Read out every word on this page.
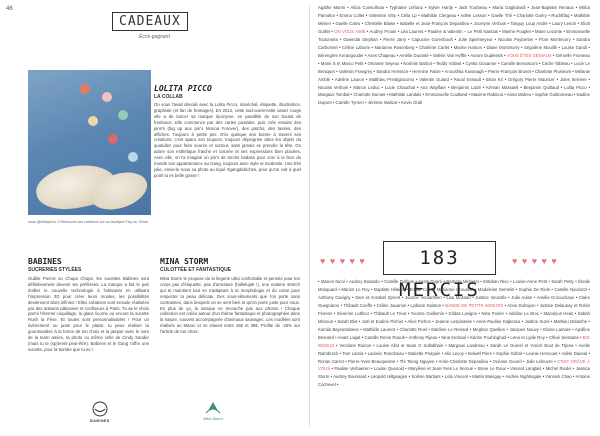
46
CADEAUX
Écris-gagnant
Insta @lolitapicco // Retrouvez ses créations sur sa boutique Etsy ou Tictail
LOLITA PICCO
LA COLLAB
On vous l'avait dévoilé avec la Lolita Picco, maréchal, étiquette, illustratrice, graphiste (et fan de fromages). En 2012, cette sud-ouest-nette assez rouge elle a de lancer sa marque éponyme, en parallèle de son boulot de freelance. Elle commence par des cartes postales, puis crée ensuite des pins's (big up aux pin's Monoa Forever), des patchs, des tasses, des affiches. Toujours à petits prix. D'ici quelque ans bonne à travers ses créations, c'est aparu son toujours, toujours dépeignée dans les objets du quotidien pour faire sourire et surtout, sans jamais se prendre la tête. On adore son esthétique fraiche et colorée et ses expressions bien placées. Avec elle, on l'a imaginé un pin's de torche badass pour crier à la face du monde son appartenance au Gang, toujours avec style et modestie. Une très jolie, envie-le nous sa photo au tiqué #gangdebiches, pour qu'on voit à quel point tu es belle gosse !
BABINES
SUCRERIES STYLÉES
Oublie Pierrot ou Chupa Chups, les sucettes Babines sont définitivement devenir tes préférées. La marque a fait le pari d'allier le nouvelle technologie à l'artisanat en utilisant l'impression 3D pour créer leurs moules, les possibilités deviennent alors infinies ! Elles créations sont ensuite réalisées par des artisans pâtissiers et confiseurs à Paris. Tu as le choix parmi l'éternel coquillage, la glace licorne ou encore la sucette Rush la Fève. Et toutes sont personnalisables ! Pour un évènement ou juste pour le plaisir, tu peux réaliser ta gourmandise à la forme de ton choix et la jamper avec le nom de la team amies, ta photo ou même celle de Cindy Sander (mais tu te (sp)erent peut-être). Babines et le Gang t'offre une sucette, pour la bombe que tu es !
MINA STORM
CULOTTÉE ET FANTASTIQUE
Mina Storm te propose de la lingerie ultra confortable et pensée pour ton corps pas d'étiquette, pas d'armature (hallelujah !), une matière stretch qui te maintient tout en s'adaptant à ta morphologie et du coton pour respecter ta peau délicate. Des sous-vêtements que l'on porte sans contraintes, dans lesquels on se sent bien et qu'on porte juste pour nous. En plus de ça, la marque ne recouche pas aux photos ! Chaque collection est créée autour d'un thème fantastique et photographiée dans la nature, souvent accompagnée d'animaux sauvages. Les modèles sont réalisés au Maroc et se situent entre 16€ et 39€. Profite de -25% sur l'article de ton choix.
BABINES	Mina Storm
Agathe Manni • Alicia Consulhuta • Typhaine Lefranc • Sylvie Hardy • Jack Tourbeau • Maria Gagliolardi • Jean-Baptiste Renaux • Milica Pamukur • Emma Collet • Valentine Vitry • Célia Lp • Mathilde Clergeau • Adèle Losson • Gaelle Trié • Charlotte Guéry • Ruchltfaq • Mathilde Ménier • Gaelle Calvo • Christelle Blaise • Isabelle et Jean-François Depardieu • Jocelyne Verbois • Tanguy Loup Andre • Laury Lenoir • Eliott Guillet • ON VOUS AIME • Audrey Frouin • Léa Laurent • Pauline & Valentin – Le Petit Nantais • Marine Pouplet • Marie Leconte • Emmanuelle Toutonnéa • Gwendal Stephan • Pierre Jarry • Capucine Gorenbouh • Julie Spielmeyeur • Nicolas Puybertier • Flore Montmorry • Sandra Carbonnel • Céline Laborie • Marianne Rosenberg • Charlène Carlet • Marine Hamon • Diane Montmorry • Ségolène Mouillé • Louise Gandi • Bérengère Kerangouder • Axes Chapeau • Amélie Duranté • Valérie Van Hyffte • Aurore Duplessis • VOUS ÊTES GÉNIAUX • Gérnelle Fromeau • Marie S et Marco Petit • Omanne Seyeux • Noémie Barbot • Teddy Vollant • Cyntia Gouarner • Camille Bernasconi • Cécile Tableau • Lucie Le Beniquet • Valentin Fraegrey • Sandra Herisson • Hermine Fabre • Anoushka Kavanagh • Pierre-François Brunet • Charlotte Plusieurs • Mélanie Amblé • Adeline Lauron • Matthieu Prestigiacomo • Valentin Guiard • Raoul Esnault • Brian Kri • Grégory Pierre Mauricer • Jules Serriere • Nicolas Verbois • Manon Leduc • Lucie Chauchat • Ana Wayflaer • Benjamin Laizé • Kèman Massaeli • Benjamin Quiltaud • Lolita Picco • Margaux Tombal • Charlotte Dumas • Mathilde Landais • Emmanuelle Coutland • Maxime Rabinou • Anna Maheu • Sophie Guittonneau • Nadine Dupont • Camille Tyrnen • Jérémie Malicot • Kevin Grall
♥ ♥ ♥ ♥ ♥	183 MERCIS
♥ ♥ ♥ ♥ ♥
• Manon Nicol • Audrey Busardo • Camille Dolbois • Anaïs Dupré • Barbara Michelet • Esteban Rivo • Louise-Anne Petit • Sarah Petty • Élodie Mosquard • Marion Le Roy • Baptiste Hilaient • Emilie Colin • Marianne Grouazel • Madeleine Semelin • Sophie De Riols • Camille Nicolazzi • Anthony Cavigny • Sam et Annabel Sprent • Joanne Vonlanthen • Lisa Mossan • Justine Veuzelle • Julie Aulan • Amélie Dorouchaux • Claire Guegnaron • Thibault Coeffe • Céline Jauanon • Lydiane Sainton • BANDE DE PETITS AMOURS • Anne Duhayon • Justine Delaunay et Robin Florens • Séverine Lotfinor • Thibault Le Treut • Yvonne Guillemin • Gildas Lavigne • Nina Poirier • Adeline Le Broc • Manolyus Heas • Sabah Mimoun • Sarah Blot • Joël et Eudine Pichon • Alice Pichon • Jeanne Lespinasse • Anne-Pauline Kajbesca • Justine Surel • Mathieu Delarche • Kamila Bayramabeva • Mathilde Laurent • Charlotte Ruel • Marlène Le Renard • Meghan Quellien • Jacques Nouvy • Eloise Lamare • Apolline Besnard • Anaïs Lagat • Camille Renin Raoult • Anthony Pijeau • Nina Kerbaul • Karine Pouhloghad • Lena et Lydie Roy • Chloé Seissans • BIG BISOUS • Verziane Ruinon • Louise Allot et Sean O Sullabhain • Margaux Landreau • Sarah Le Guerel et Yonick Bout de Ttjena • Axelle Raimbreck • Tom Lamia • Ludovic Roncibeau • Mariette Prulguin • Alix Lecoy • Nolwël Piers • Sophie Girbal • Leonie Hervouet • Adèle Daunal • Ronan Carret • Pierre-Yves Beauquesne • Thi Tseng Nguyen • Anne-Charlotte Depardieu • Océane Gourel • Julie Lefeuvre • C'EST GRÂCE À VOUS • Pauline Verbaeren • Louise Quenoid • Marylène et Jean-Yves Le Seroué • Steve Le Roux • Vincent Langlais • Michel Riedel • Jessica Storm • Audrey Bourinard • Léopold Hiltgeagen • Solène Barbaïs • Lola Vincent • Maëla Mainguy • Andrée Nightingale • Yannick Chao • Antoine Cochevel •
